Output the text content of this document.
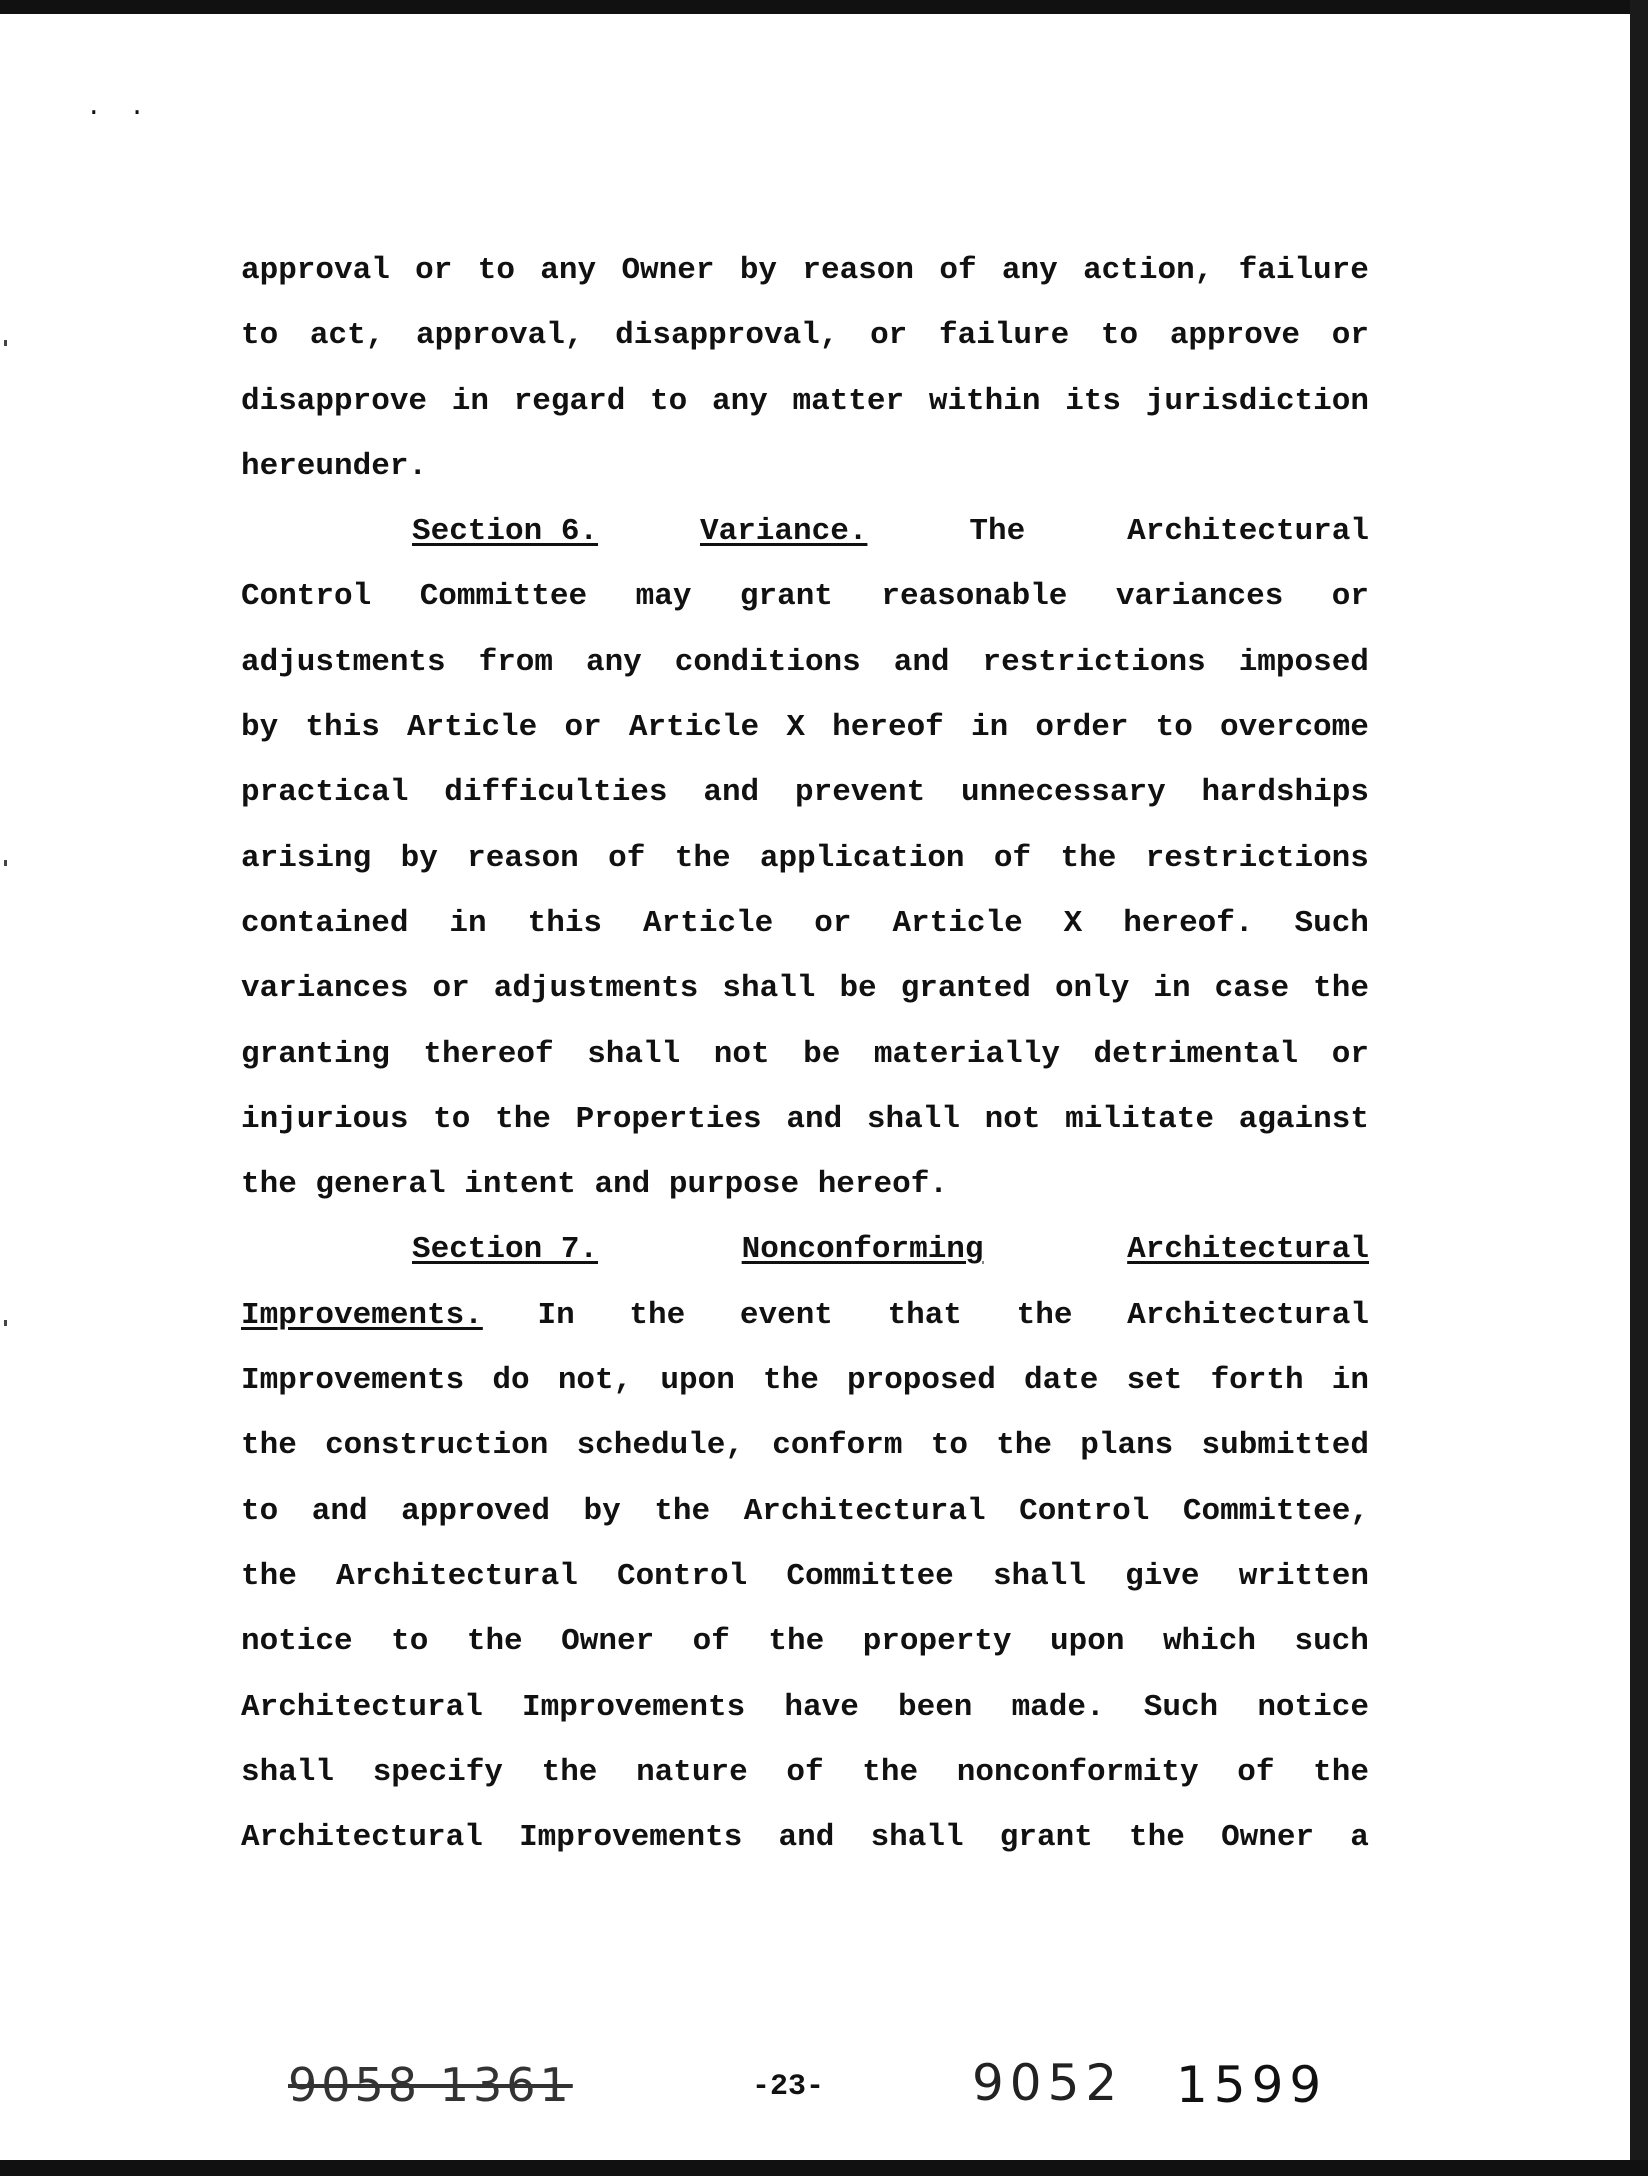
. .
approval or to any Owner by reason of any action, failure
to act, approval, disapproval, or failure to approve or
disapprove in regard to any matter within its jurisdiction
hereunder.
Section 6.	Variance.	The	Architectural
Control Committee may grant reasonable variances or
adjustments from any conditions and restrictions imposed
by this Article or Article X hereof in order to overcome
practical difficulties and prevent unnecessary hardships
arising by reason of the application of the restrictions
contained in this Article or Article X hereof. Such
variances or adjustments shall be granted only in case the
granting thereof shall not be materially detrimental or
injurious to the Properties and shall not militate against
the general intent and purpose hereof.
Section 7.	Nonconforming	Architectural
Improvements. In the event that the Architectural
Improvements do not, upon the proposed date set forth in
the construction schedule, conform to the plans submitted
to and approved by the Architectural Control Committee,
the Architectural Control Committee shall give written
notice to the Owner of the property upon which such
Architectural Improvements have been made. Such notice
shall specify the nature of the nonconformity of the
Architectural Improvements and shall grant the Owner a
9058 1361	-23-	9052 1599
